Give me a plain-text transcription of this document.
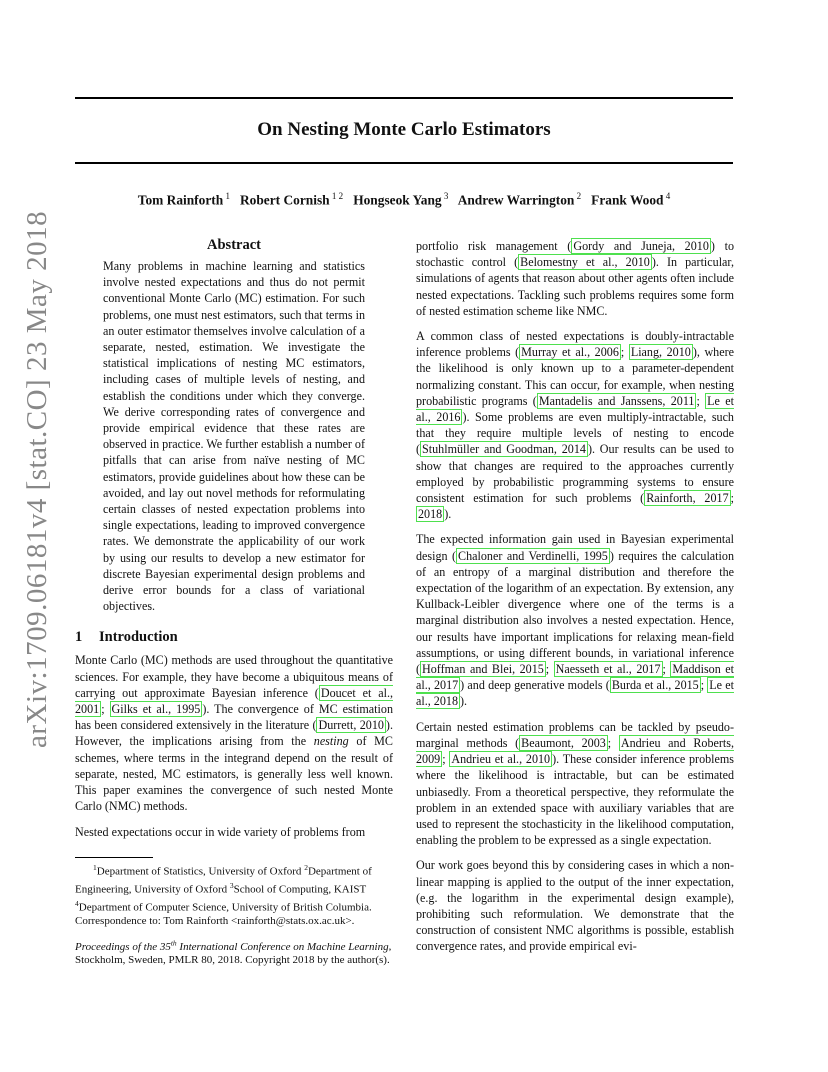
On Nesting Monte Carlo Estimators
Tom Rainforth $^1$ Robert Cornish $^{1 2}$ Hongseok Yang $^3$ Andrew Warrington $^2$ Frank Wood $^4$
arXiv:1709.06181v4 [stat.CO] 23 May 2018	Abstract
Many problems in machine learning and statistics involve nested expectations and thus do not permit conventional Monte Carlo (MC) estimation. For such problems, one must nest estimators, such that terms in an outer estimator themselves involve calculation of a separate, nested, estimation. We investigate the statistical implications of nesting MC estimators, including cases of multiple levels of nesting, and establish the conditions under which they converge. We derive corresponding rates of convergence and provide empirical evidence that these rates are observed in practice. We further establish a number of pitfalls that can arise from naïve nesting of MC estimators, provide guidelines about how these can be avoided, and lay out novel methods for reformulating certain classes of nested expectation problems into single expectations, leading to improved convergence rates. We demonstrate the applicability of our work by using our results to develop a new estimator for discrete Bayesian experimental design problems and derive error bounds for a class of variational objectives.
1 Introduction

Monte Carlo (MC) methods are used throughout the quantitative sciences. For example, they have become a ubiquitous means of carrying out approximate Bayesian inference ( Doucet et al., 2001 ; Gilks et al., 1995 ). The convergence of MC estimation has been considered extensively in the literature ( Durrett, 2010 ). However, the implications arising from the nesting of MC schemes, where terms in the integrand depend on the result of separate, nested, MC estimators, is generally less well known. This paper examines the convergence of such nested Monte Carlo (NMC) methods.

Nested expectations occur in wide variety of problems from

$^1$Department of Statistics, University of Oxford $^2$Department of Engineering, University of Oxford $^3$School of Computing, KAIST $^4$Department of Computer Science, University of British Columbia. Correspondence to: Tom Rainforth <rainforth@stats.ox.ac.uk>.

Proceedings of the 35th International Conference on Machine Learning, Stockholm, Sweden, PMLR 80, 2018. Copyright 2018 by the author(s).

portfolio risk management ( Gordy and Juneja, 2010 ) to stochastic control ( Belomestny et al., 2010 ). In particular, simulations of agents that reason about other agents often include nested expectations. Tackling such problems requires some form of nested estimation scheme like NMC.

A common class of nested expectations is doubly-intractable inference problems ( Murray et al., 2006 ; Liang, 2010 ), where the likelihood is only known up to a parameter-dependent normalizing constant. This can occur, for example, when nesting probabilistic programs ( Mantadelis and Janssens, 2011 ; Le et al., 2016 ). Some problems are even multiply-intractable, such that they require multiple levels of nesting to encode ( Stuhlmüller and Goodman, 2014 ). Our results can be used to show that changes are required to the approaches currently employed by probabilistic programming systems to ensure consistent estimation for such problems ( Rainforth, 2017 ; 2018 ).

The expected information gain used in Bayesian experimental design ( Chaloner and Verdinelli, 1995 ) requires the calculation of an entropy of a marginal distribution and therefore the expectation of the logarithm of an expectation. By extension, any Kullback-Leibler divergence where one of the terms is a marginal distribution also involves a nested expectation. Hence, our results have important implications for relaxing mean-field assumptions, or using different bounds, in variational inference ( Hoffman and Blei, 2015 ; Naesseth et al., 2017 ; Maddison et al., 2017 ) and deep generative models ( Burda et al., 2015 ; Le et al., 2018 ).

Certain nested estimation problems can be tackled by pseudo-marginal methods ( Beaumont, 2003 ; Andrieu and Roberts, 2009 ; Andrieu et al., 2010 ). These consider inference problems where the likelihood is intractable, but can be estimated unbiasedly. From a theoretical perspective, they reformulate the problem in an extended space with auxiliary variables that are used to represent the stochasticity in the likelihood computation, enabling the problem to be expressed as a single expectation.

Our work goes beyond this by considering cases in which a non-linear mapping is applied to the output of the inner expectation, (e.g. the logarithm in the experimental design example), prohibiting such reformulation. We demonstrate that the construction of consistent NMC algorithms is possible, establish convergence rates, and provide empirical evi-
